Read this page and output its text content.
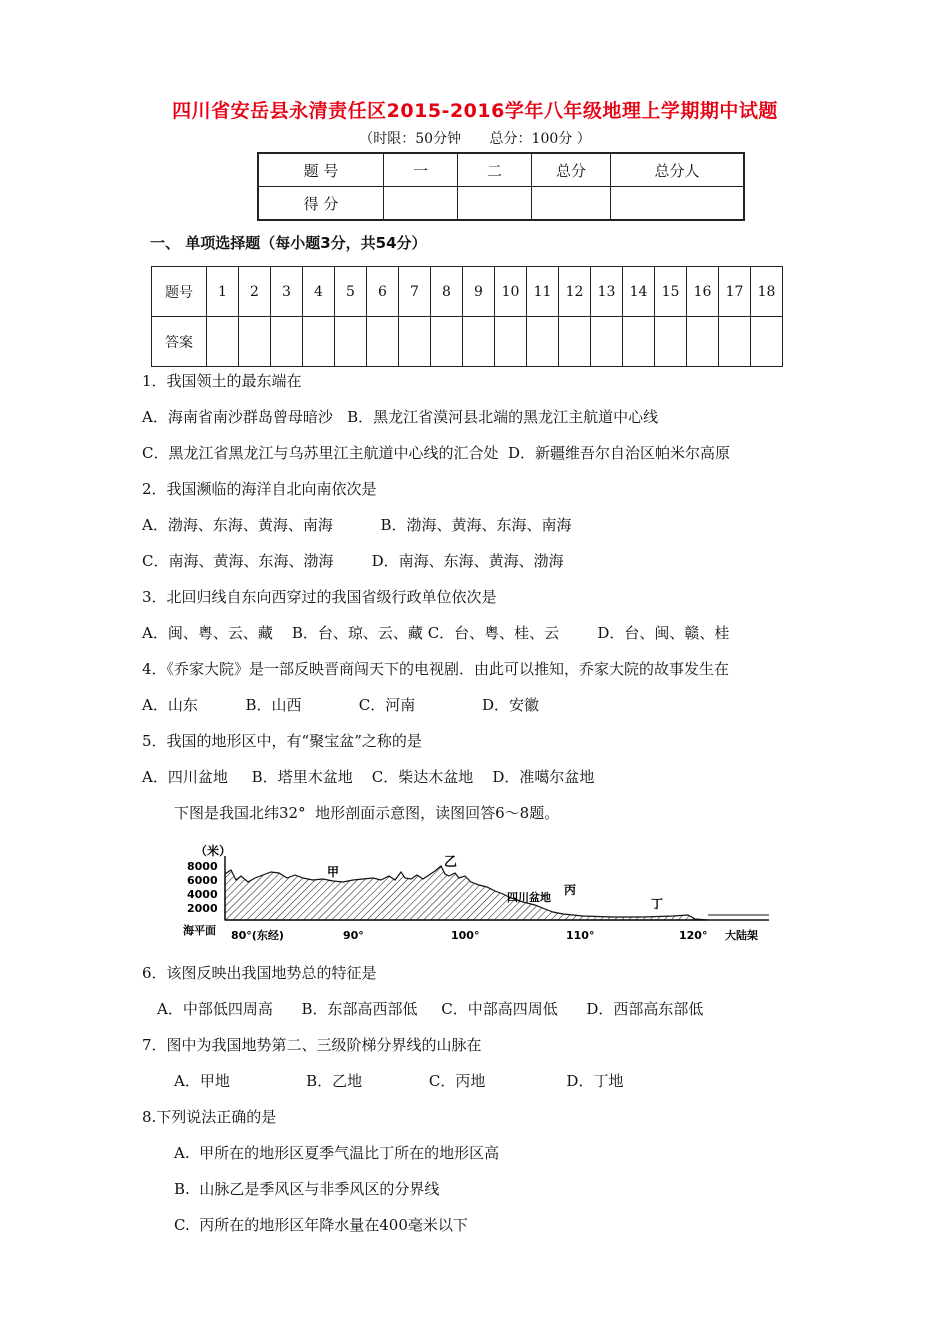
四川省安岳县永清责任区2015-2016学年八年级地理上学期期中试题
（时限：50分钟 总分：100分 ）
题 号	一	二	总分	总分人
得 分				
一、 单项选择题（每小题3分，共54分）
题号	1	2	3	4	5	6	7	8	9	10	11	12	13	14	15	16	17	18
答案																		
1．我国领土的最东端在
A．海南省南沙群岛曾母暗沙   B．黑龙江省漠河县北端的黑龙江主航道中心线
C．黑龙江省黑龙江与乌苏里江主航道中心线的汇合处  D．新疆维吾尔自治区帕米尔高原
2．我国濒临的海洋自北向南依次是
A．渤海、东海、黄海、南海          B．渤海、黄海、东海、南海
C．南海、黄海、东海、渤海        D．南海、东海、黄海、渤海
3．北回归线自东向西穿过的我国省级行政单位依次是
A．闽、粤、云、藏    B．台、琼、云、藏 C．台、粤、桂、云        D．台、闽、赣、桂
4．《乔家大院》是一部反映晋商闯天下的电视剧．由此可以推知，乔家大院的故事发生在
A．山东          B．山西            C．河南              D．安徽
5．我国的地形区中，有“聚宝盆”之称的是
A．四川盆地     B．塔里木盆地    C．柴达木盆地    D．准噶尔盆地
下图是我国北纬32°  地形剖面示意图，读图回答6～8题。
（米）
8000
6000
4000
2000
甲
乙
四川盆地
丙
丁
海平面 80°(东经)	90°	100°	110°	120° 大陆架
6．该图反映出我国地势总的特征是
A．中部低四周高      B．东部高西部低     C．中部高四周低      D．西部高东部低
7．图中为我国地势第二、三级阶梯分界线的山脉在
A．甲地                B．乙地              C．丙地                 D．丁地
8.下列说法正确的是
A.  甲所在的地形区夏季气温比丁所在的地形区高
B.  山脉乙是季风区与非季风区的分界线
C.  丙所在的地形区年降水量在400毫米以下
